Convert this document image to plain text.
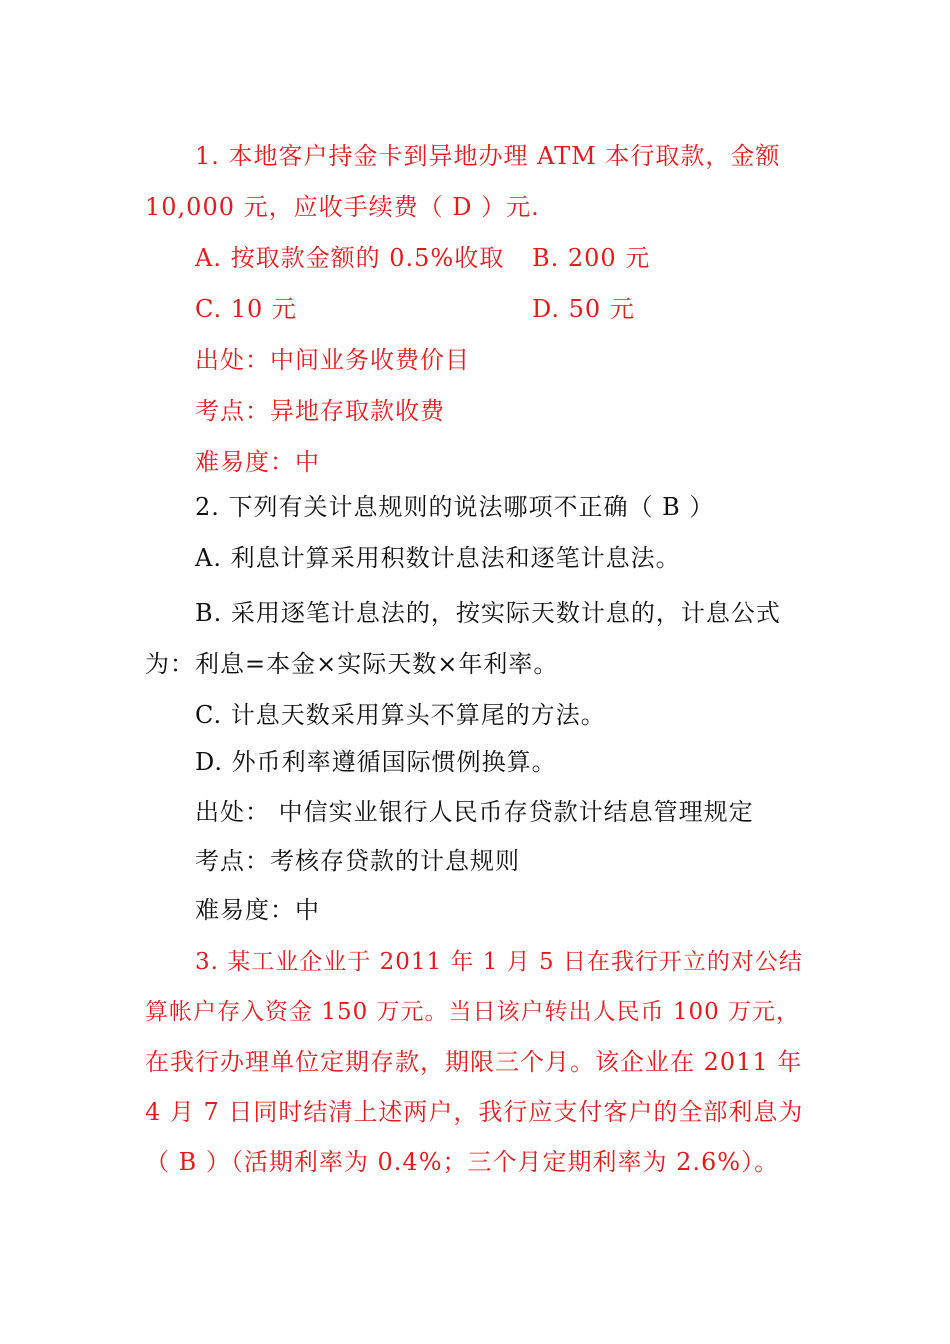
1. 本地客户持金卡到异地办理 ATM 本行取款，金额
10,000 元，应收手续费（ D ）元.
A. 按取款金额的 0.5%收取 B. 200 元
C. 10 元	D. 50 元
出处：中间业务收费价目
考点：异地存取款收费
难易度：中
2. 下列有关计息规则的说法哪项不正确（ B ）
A. 利息计算采用积数计息法和逐笔计息法。
B. 采用逐笔计息法的，按实际天数计息的，计息公式
为：利息=本金×实际天数×年利率。
C. 计息天数采用算头不算尾的方法。
D. 外币利率遵循国际惯例换算。
出处： 中信实业银行人民币存贷款计结息管理规定
考点：考核存贷款的计息规则
难易度：中
3. 某工业企业于 2011 年 1 月 5 日在我行开立的对公结
算帐户存入资金 150 万元。当日该户转出人民币 100 万元，
在我行办理单位定期存款，期限三个月。该企业在 2011 年
4 月 7 日同时结清上述两户，我行应支付客户的全部利息为
（ B ）（活期利率为 0.4%；三个月定期利率为 2.6%）。
